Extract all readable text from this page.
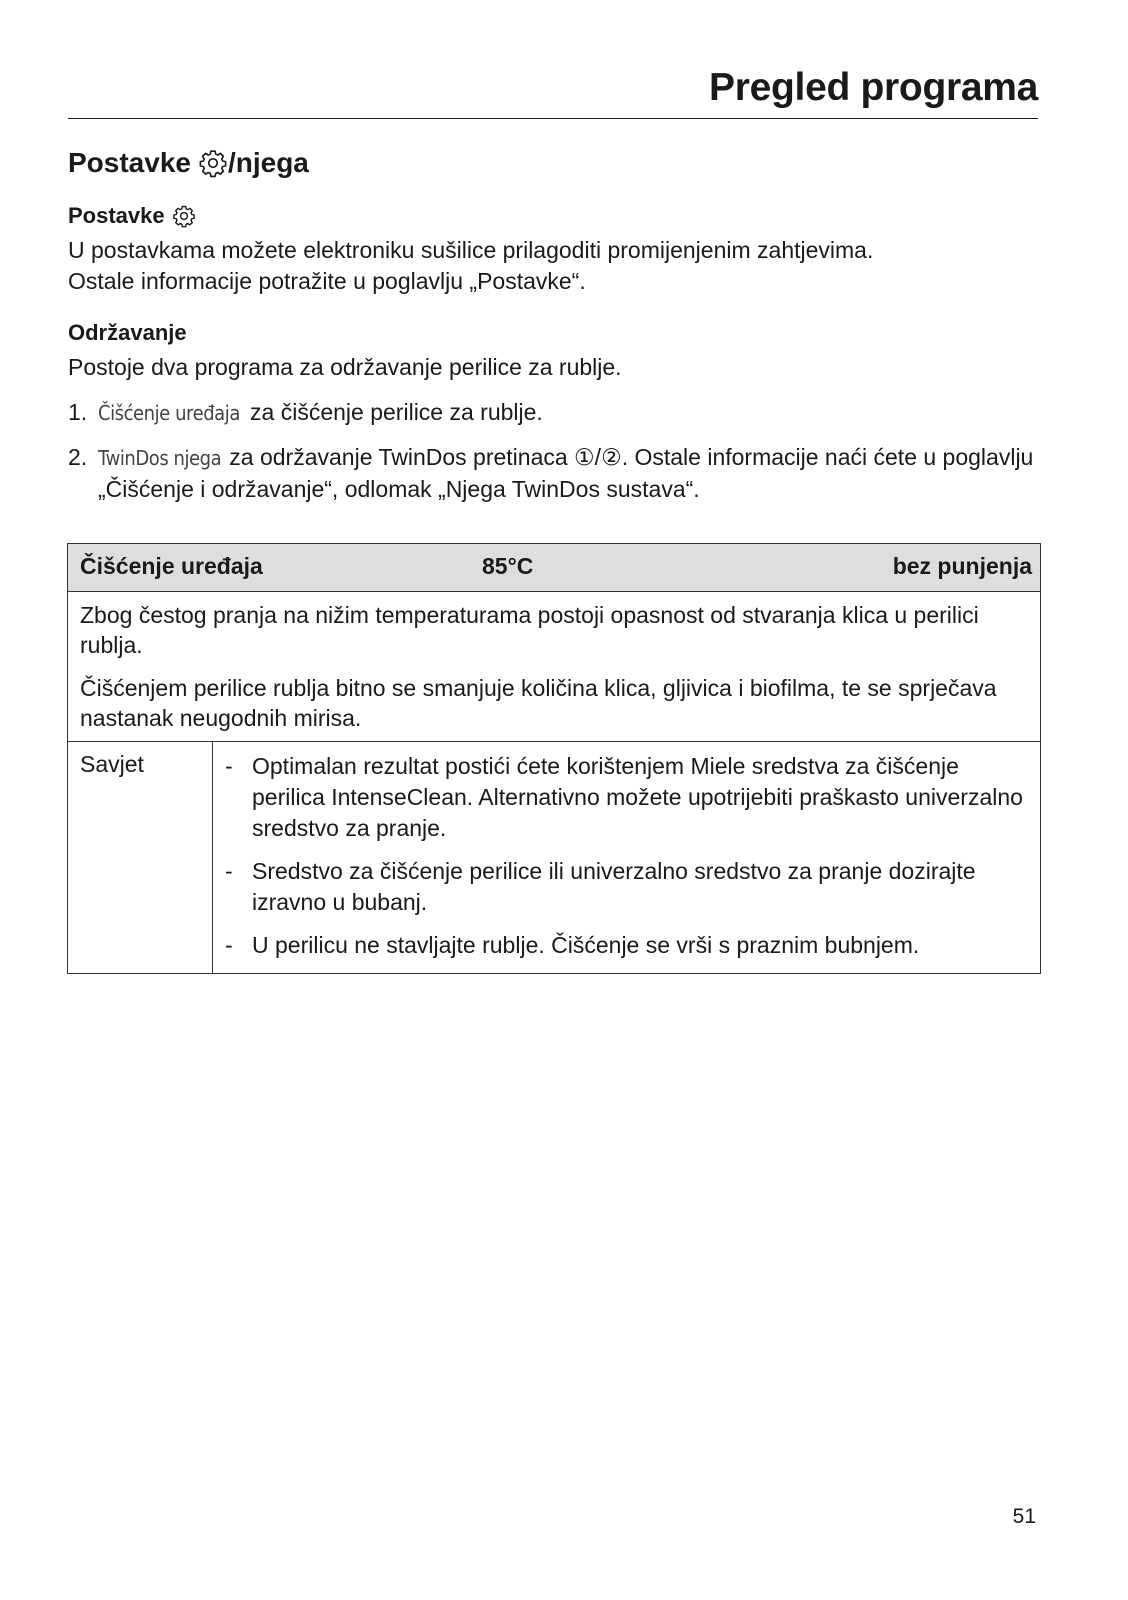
Pregled programa
Postavke /njega
Postavke

U postavkama možete elektroniku sušilice prilagoditi promijenjenim zahtjevima.

Ostale informacije potražite u poglavlju „Postavke“.

Održavanje

Postoje dva programa za održavanje perilice za rublje.

1. Čišćenje uređaja za čišćenje perilice za rublje.
2. TwinDos njega za održavanje TwinDos pretinaca ①/②. Ostale informacije naći ćete u poglavlju „Čišćenje i održavanje“, odlomak „Njega TwinDos sustava“.
Čišćenje uređaja	85°C	bez punjenja

Zbog čestog pranja na nižim temperaturama postoji opasnost od stvaranja klica u perilici rublja.

Čišćenjem perilice rublja bitno se smanjuje količina klica, gljivica i biofilma, te se sprječava nastanak neugodnih mirisa.

Savjet	- Optimalan rezultat postići ćete korištenjem Miele sredstva za čišćenje perilica IntenseClean. Alternativno možete upotrijebiti praškasto univerzalno sredstvo za pranje.
- Sredstvo za čišćenje perilice ili univerzalno sredstvo za pranje dozirajte izravno u bubanj.
- U perilicu ne stavljajte rublje. Čišćenje se vrši s praznim bubnjem.
51
